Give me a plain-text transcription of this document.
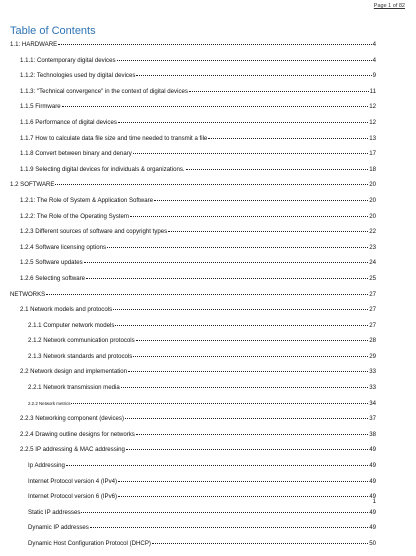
Page 1 of 82
Table of Contents
1.1: HARDWARE	4
1.1.1: Contemporary digital devices	4
1.1.2: Technologies used by digital devices	9
1.1.3: "Technical convergence" in the context of digital devices	11
1.1.5 Firmware	12
1.1.6 Performance of digital devices	12
1.1.7 How to calculate data file size and time needed to transmit a file	13
1.1.8 Convert between binary and denary	17
1.1.9 Selecting digital devices for individuals & organizations.	18
1.2 SOFTWARE	20
1.2.1: The Role of System & Application Software	20
1.2.2: The Role of the Operating System	20
1.2.3 Different sources of software and copyright types	22
1.2.4 Software licensing options	23
1.2.5 Software updates	24
1.2.6 Selecting software	25
NETWORKS	27
2.1 Network models and protocols	27
2.1.1 Computer network models	27
2.1.2 Network communication protocols	28
2.1.3 Network standards and protocols	29
2.2 Network design and implementation	33
2.2.1 Network transmission media	33
2.2.2 Network metrics	34
2.2.3 Networking component (devices)	37
2.2.4 Drawing outline designs for networks	38
2.2.5 IP addressing & MAC addressing	49
Ip Addressing	49
Internet Protocol version 4 (IPv4)	49
Internet Protocol version 6 (IPv6)	49
Static IP addresses	49
Dynamic IP addresses	49
Dynamic Host Configuration Protocol (DHCP)	50
1
